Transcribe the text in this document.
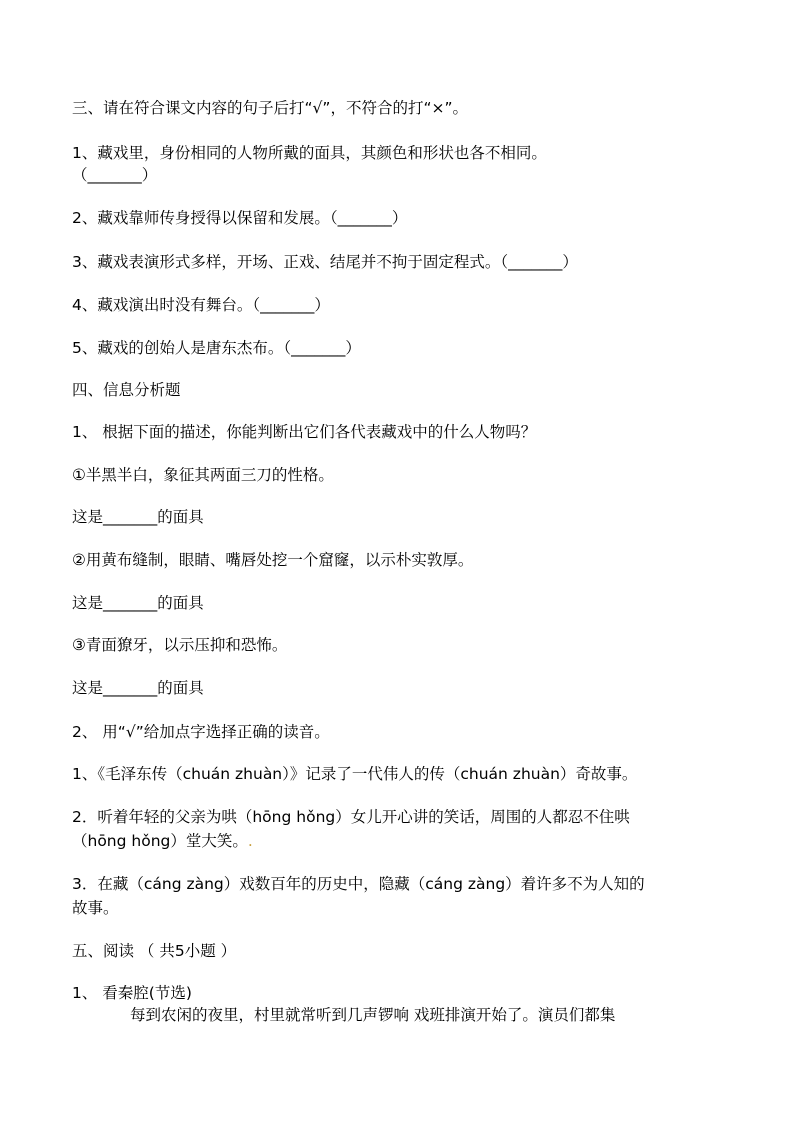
三、请在符合课文内容的句子后打“√”，不符合的打“×”。
1、藏戏里，身份相同的人物所戴的面具，其颜色和形状也各不相同。
（_______）
2、藏戏靠师传身授得以保留和发展。（_______）
3、藏戏表演形式多样，开场、正戏、结尾并不拘于固定程式。（_______）
4、藏戏演出时没有舞台。（_______）
5、藏戏的创始人是唐东杰布。（_______）
四、信息分析题
1、 根据下面的描述，你能判断出它们各代表藏戏中的什么人物吗？
①半黑半白，象征其两面三刀的性格。
这是_______的面具
②用黄布缝制，眼睛、嘴唇处挖一个窟窿，以示朴实敦厚。
这是_______的面具
③青面獠牙，以示压抑和恐怖。
这是_______的面具
2、 用“√”给加点字选择正确的读音。
1、《毛泽东传（chuán zhuàn）》记录了一代伟人的传（chuán zhuàn）奇故事。
2．听着年轻的父亲为哄（hōng hǒng）女儿开心讲的笑话，周围的人都忍不住哄
（hōng hǒng）堂大笑。.
3．在藏（cáng zàng）戏数百年的历史中，隐藏（cáng zàng）着许多不为人知的
故事。
五、阅读 （ 共5小题 ）
1、 看秦腔(节选)
每到农闲的夜里，村里就常听到几声锣响 戏班排演开始了。演员们都集
